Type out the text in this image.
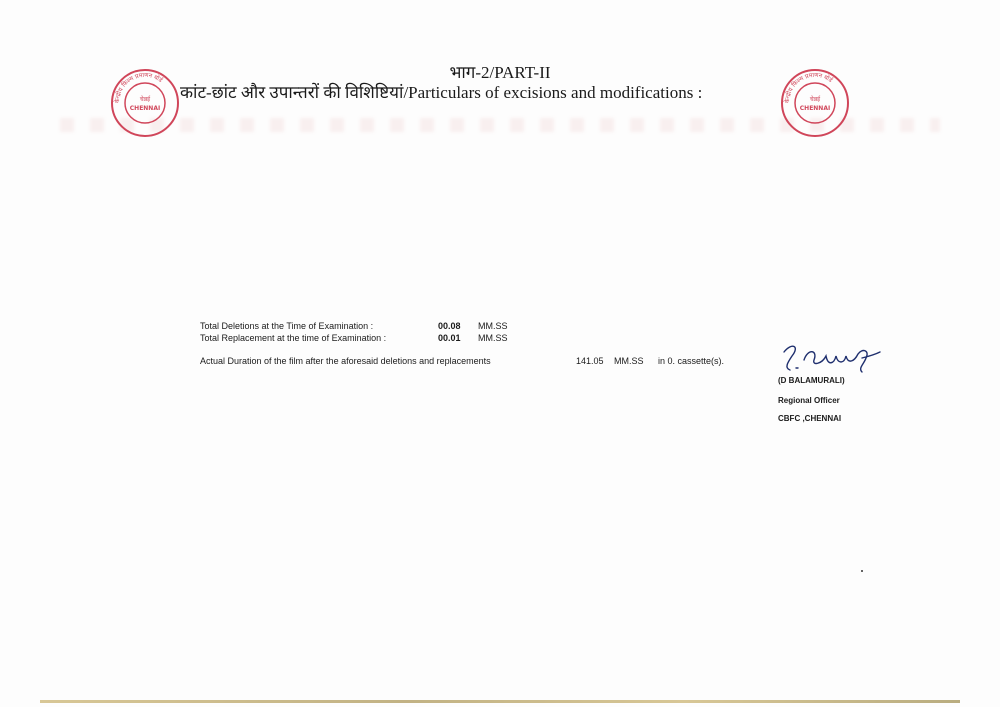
भाग-2/PART-II
कांट-छांट और उपान्तरों की विशिष्टियां/Particulars of excisions and modifications :
केन्द्रीय फिल्म प्रमाणन बोर्ड
चेन्नई
CHENNAI
केन्द्रीय फिल्म प्रमाणन बोर्ड
चेन्नई
CHENNAI
Total Deletions at the Time of Examination :	00.08 MM.SS
Total Replacement at the time of Examination :	00.01 MM.SS
Actual Duration of the film after the aforesaid deletions and replacements	141.05 MM.SS in 0. cassette(s).
(D BALAMURALI)
Regional Officer
CBFC ,CHENNAI
